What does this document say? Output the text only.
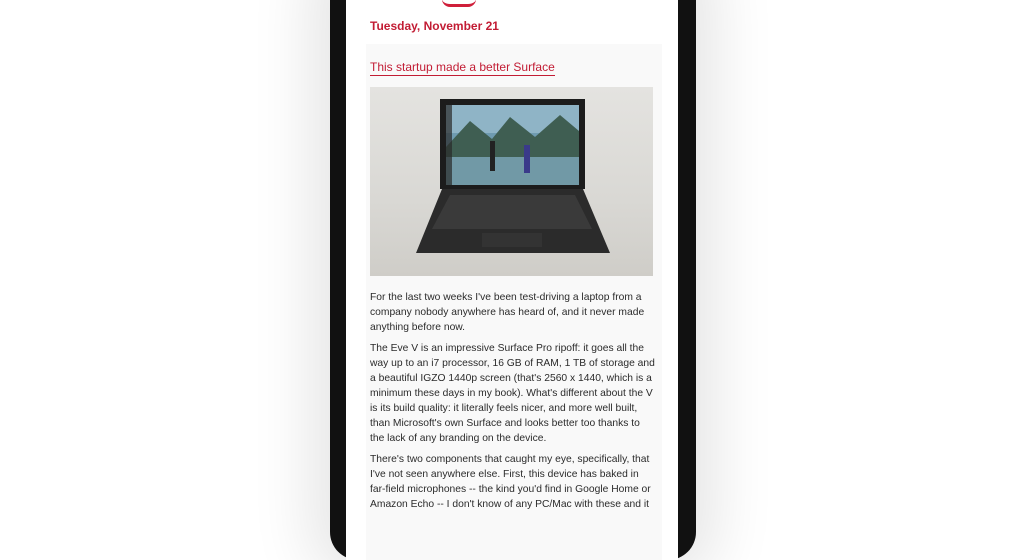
Tuesday, November 21
This startup made a better Surface

For the last two weeks I've been test-driving a laptop from a company nobody anywhere has heard of, and it never made anything before now.

The Eve V is an impressive Surface Pro ripoff: it goes all the way up to an i7 processor, 16 GB of RAM, 1 TB of storage and a beautiful IGZO 1440p screen (that's 2560 x 1440, which is a minimum these days in my book). What's different about the V is its build quality: it literally feels nicer, and more well built, than Microsoft's own Surface and looks better too thanks to the lack of any branding on the device.

There's two components that caught my eye, specifically, that I've not seen anywhere else. First, this device has baked in far-field microphones -- the kind you'd find in Google Home or Amazon Echo -- I don't know of any PC/Mac with these and it
